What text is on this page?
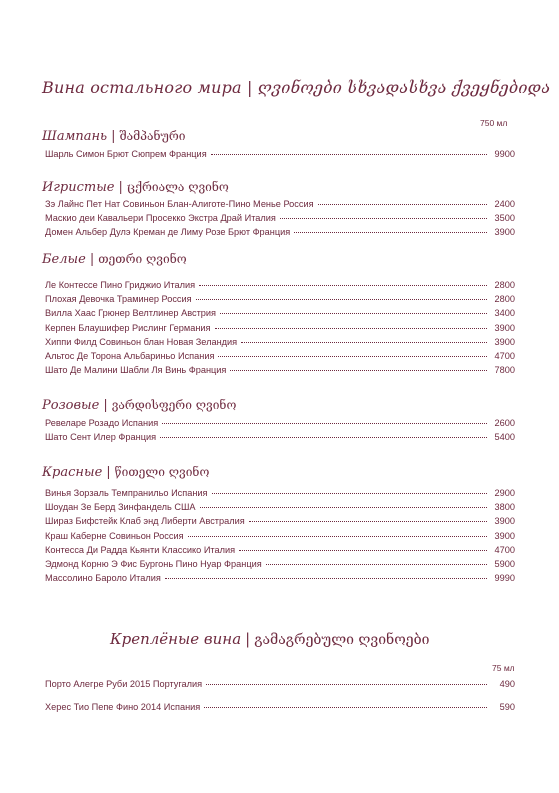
Вина остального мира | ღვინოები სხვადასხვა ქვეყნებიდა
750 мл
Шампань | შამპანური
Шарль Симон Брют Сюпрем Франция	9900
Игристые | ცქრიალა ღვინო
Зэ Лайнс Пет Нат Совиньон Блан-Алиготе-Пино Менье Россия	2400
Маскио деи Кавальери Просекко Экстра Драй Италия	3500
Домен Альбер Дулэ Креман де Лиму Розе Брют Франция	3900
Белые | თეთრი ღვინო
Ле Контессе Пино Гриджио Италия	2800
Плохая Девочка Траминер Россия	2800
Вилла Хаас Грюнер Велтлинер Австрия	3400
Керпен Блаушифер Рислинг Германия	3900
Хиппи Филд Совиньон блан Новая Зеландия	3900
Альтос Де Торона Альбариньо Испания	4700
Шато Де Малини Шабли Ля Винь Франция	7800
Розовые | ვარდისფერი ღვინო
Ревеларе Розадо Испания	2600
Шато Сент Илер Франция	5400
Красные | წითელი ღვინო
Винья Зорзаль Темпранильо Испания	2900
Шоудан Зе Берд Зинфандель США	3800
Ширaз Бифстейк Клаб энд Либерти Австралия	3900
Краш Каберне Совиньон Россия	3900
Контесса Ди Радда Кьянти Классико Италия	4700
Эдмонд Корню Э Фис Бургонь Пино Нуар Франция	5900
Массолино Бароло Италия	9990
Креплёные вина | გამაგრებული ღვინოები
75 мл
Порто Алегре Руби 2015 Португалия	490
Херес Тио Пепе Фино 2014 Испания	590
